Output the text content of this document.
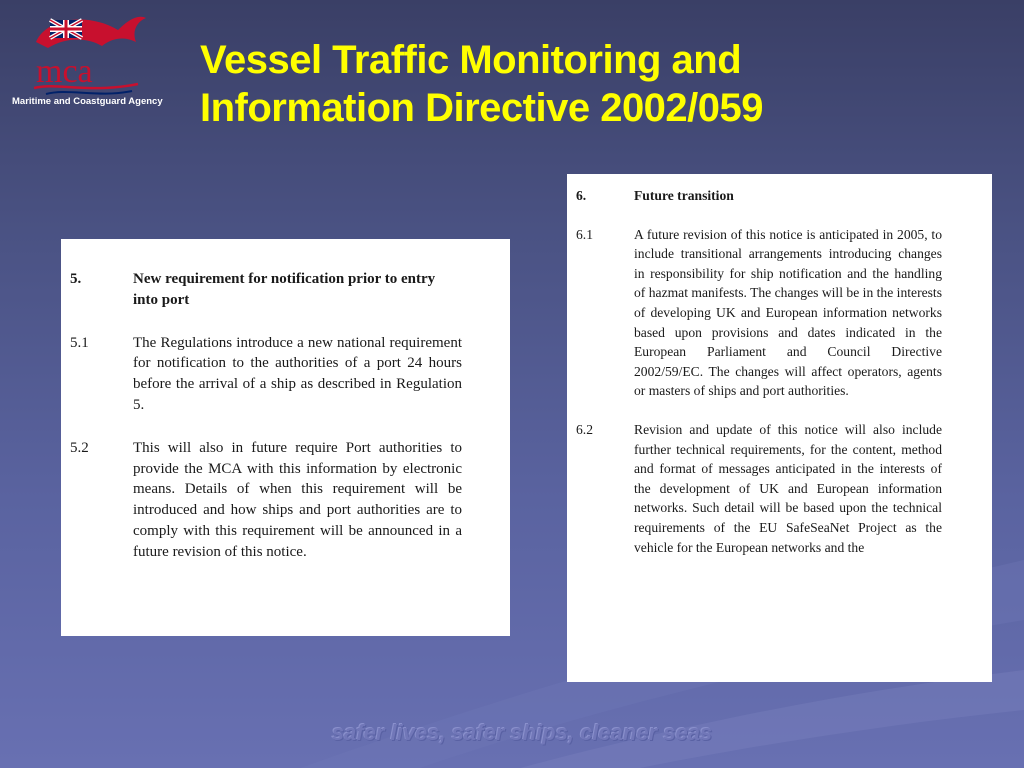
mca
Maritime and Coastguard Agency
Vessel Traffic Monitoring and
Information Directive 2002/059
5.	New requirement for notification prior to entry into port
5.1	The Regulations introduce a new national requirement for notification to the authorities of a port 24 hours before the arrival of a ship as described in Regulation 5.
5.2	This will also in future require Port authorities to provide the MCA with this information by electronic means. Details of when this requirement will be introduced and how ships and port authorities are to comply with this requirement will be announced in a future revision of this notice.
6.	Future transition
6.1	A future revision of this notice is anticipated in 2005, to include transitional arrangements introducing changes in responsibility for ship notification and the handling of hazmat manifests. The changes will be in the interests of developing UK and European information networks based upon provisions and dates indicated in the European Parliament and Council Directive 2002/59/EC. The changes will affect operators, agents or masters of ships and port authorities.
6.2	Revision and update of this notice will also include further technical requirements, for the content, method and format of messages anticipated in the interests of the development of UK and European information networks. Such detail will be based upon the technical requirements of the EU SafeSeaNet Project as the vehicle for the European networks and the
safer lives, safer ships, cleaner seas
